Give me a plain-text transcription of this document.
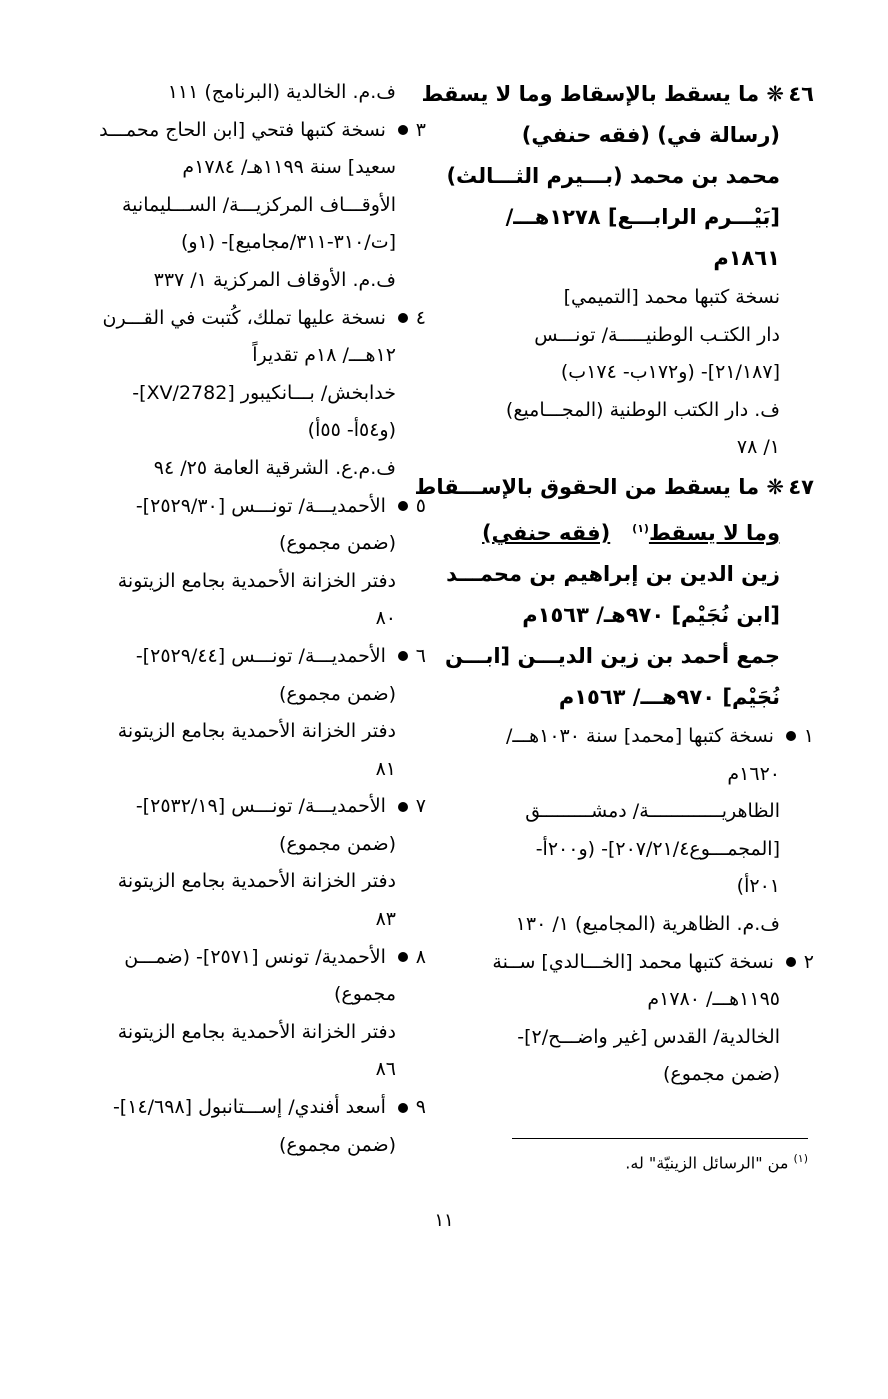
٤٦❋ ما يسقط بالإسقاط وما لا يسقط
(رسالة في) (فقه حنفي)
محمد بن محمد (بـــيرم الثـــالث)
[بَيْـــرم الرابـــع] ١٢٧٨هـــ/
١٨٦١م
نسخة كتبها محمد [التميمي]
دار الكتـب الوطنيـــــة/ تونـــس
[٢١/١٨٧]- (و١٧٢ب- ١٧٤ب)
ف. دار الكتب الوطنية (المجـــاميع)
١/ ٧٨
٤٧❋ ما يسقط من الحقوق بالإســـقاط
وما لا يسقط$^{(١)}$   (فقه حنفي)
زين الدين بن إبراهيم بن محمـــد
[ابن نُجَيْم] ٩٧٠هـ/ ١٥٦٣م
جمع أحمد بن زين الديـــن [ابـــن
نُجَيْم] ٩٧٠هـــ/ ١٥٦٣م
١ نسخة كتبها [محمد] سنة ١٠٣٠هـــ/
١٦٢٠م
الظاهريـــــــــــــة/ دمشـــــــــق
[المجمـــوع٢٠٧/٢١/٤]- (و٢٠٠أ-
٢٠١أ)
ف.م. الظاهرية (المجاميع) ١/ ١٣٠
٢ نسخة كتبها محمد [الخـــالدي] ســنة
١١٩٥هـــ/ ١٧٨٠م
الخالدية/ القدس [غير واضـــح/٢]-
(ضمن مجموع)
ف.م. الخالدية (البرنامج) ١١١
٣ نسخة كتبها فتحي [ابن الحاج محمـــد
سعيد] سنة ١١٩٩هـ/ ١٧٨٤م
الأوقـــاف المركزيـــة/ الســـليمانية
[ت/٣١٠-٣١١/مجاميع]- (١و)
ف.م. الأوقاف المركزية ١/ ٣٣٧
٤ نسخة عليها تملك، كُتبت في القـــرن
١٢هـــ/ ١٨م تقديراً
خدابخش/ بـــانكيبور [2782/XV]-
(و٥٤أ- ٥٥أ)
ف.م.ع. الشرقية العامة ٢٥/ ٩٤
٥ الأحمديـــة/ تونـــس [٢٥٢٩/٣٠]-
(ضمن مجموع)
دفتر الخزانة الأحمدية بجامع الزيتونة
٨٠
٦ الأحمديـــة/ تونـــس [٢٥٢٩/٤٤]-
(ضمن مجموع)
دفتر الخزانة الأحمدية بجامع الزيتونة
٨١
٧ الأحمديـــة/ تونـــس [٢٥٣٢/١٩]-
(ضمن مجموع)
دفتر الخزانة الأحمدية بجامع الزيتونة
٨٣
٨ الأحمدية/ تونس [٢٥٧١]- (ضمـــن
مجموع)
دفتر الخزانة الأحمدية بجامع الزيتونة
٨٦
٩ أسعد أفندي/ إســـتانبول [١٤/٦٩٨]-
(ضمن مجموع)
$^{(١)}$ من "الرسائل الزينيّة" له.
١١
